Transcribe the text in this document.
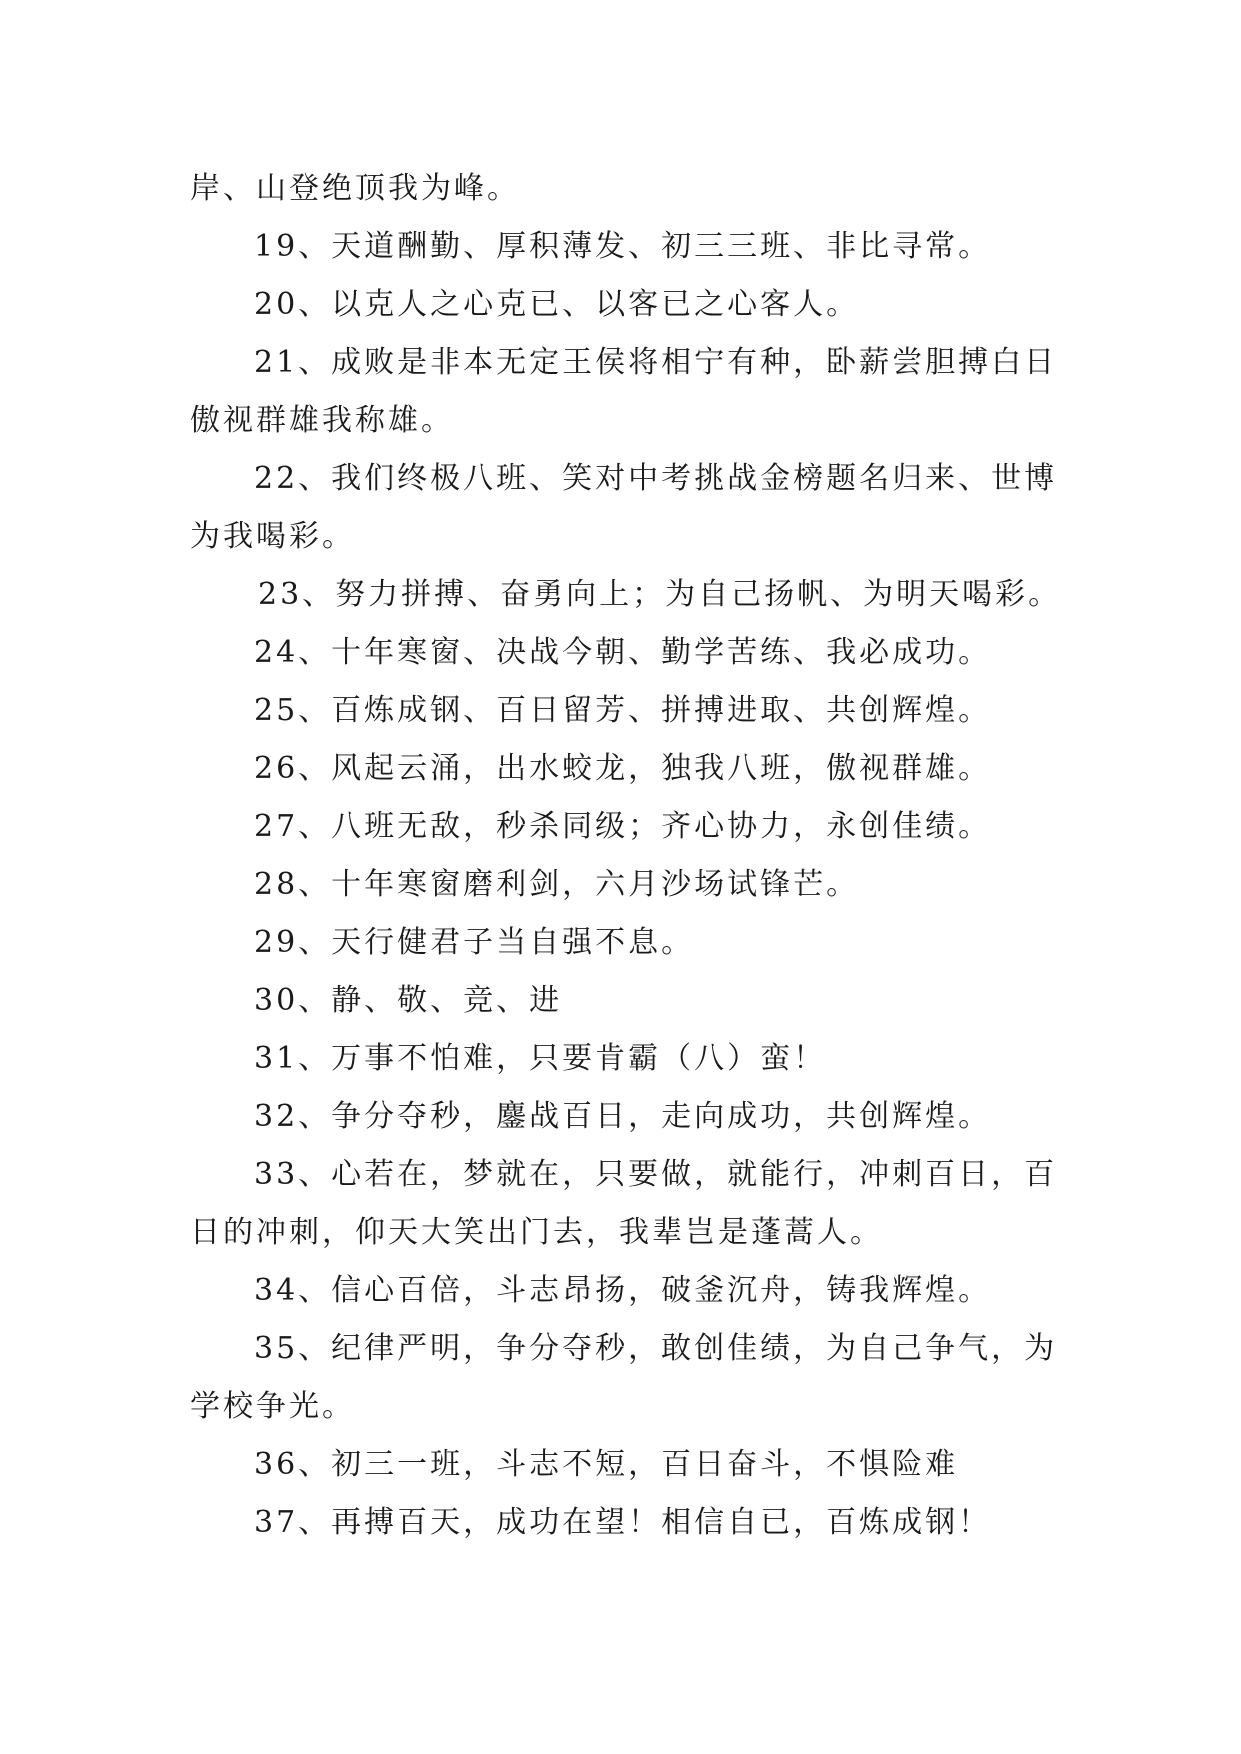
岸、山登绝顶我为峰。

19、天道酬勤、厚积薄发、初三三班、非比寻常。

20、以克人之心克已、以客已之心客人。

21、成败是非本无定王侯将相宁有种，卧薪尝胆搏白日傲视群雄我称雄。

22、我们终极八班、笑对中考挑战金榜题名归来、世博为我喝彩。

23、努力拼搏、奋勇向上；为自己扬帆、为明天喝彩。

24、十年寒窗、决战今朝、勤学苦练、我必成功。

25、百炼成钢、百日留芳、拼搏进取、共创辉煌。

26、风起云涌，出水蛟龙，独我八班，傲视群雄。

27、八班无敌，秒杀同级；齐心协力，永创佳绩。

28、十年寒窗磨利剑，六月沙场试锋芒。

29、天行健君子当自强不息。

30、静、敬、竞、进

31、万事不怕难，只要肯霸（八）蛮！

32、争分夺秒，鏖战百日，走向成功，共创辉煌。

33、心若在，梦就在，只要做，就能行，冲刺百日，百日的冲刺，仰天大笑出门去，我辈岂是蓬蒿人。

34、信心百倍，斗志昂扬，破釜沉舟，铸我辉煌。

35、纪律严明，争分夺秒，敢创佳绩，为自己争气，为学校争光。

36、初三一班，斗志不短，百日奋斗，不惧险难

37、再搏百天，成功在望！相信自已，百炼成钢！
